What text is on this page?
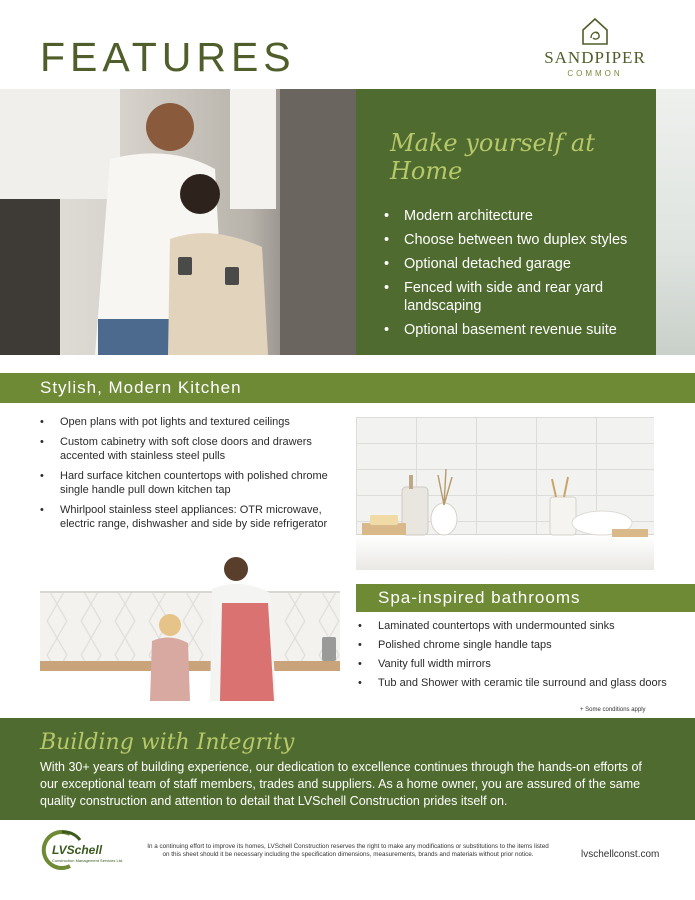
FEATURES	SANDPIPER
COMMON
Make yourself at Home
• Modern architecture
• Choose between two duplex styles
• Optional detached garage
• Fenced with side and rear yard landscaping
• Optional basement revenue suite
Stylish, Modern Kitchen
• Open plans with pot lights and textured ceilings
• Custom cabinetry with soft close doors and drawers accented with stainless steel pulls
• Hard surface kitchen countertops with polished chrome single handle pull down kitchen tap
• Whirlpool stainless steel appliances: OTR microwave, electric range, dishwasher and side by side refrigerator
Spa-inspired bathrooms
• Laminated countertops with undermounted sinks
• Polished chrome single handle taps
• Vanity full width mirrors
• Tub and Shower with ceramic tile surround and glass doors
+ Some conditions apply
Building with Integrity

With 30+ years of building experience, our dedication to excellence continues through the hands-on efforts of our exceptional team of staff members, trades and suppliers. As a home owner, you are assured of the same quality construction and attention to detail that LVSchell Construction prides itself on.

LVSchell
Construction Management Services Ltd.
In a continuing effort to improve its homes, LVSchell Construction reserves the right to make any modifications or substitutions to the items listed on this sheet should it be necessary including the specification dimensions, measurements, brands and materials without prior notice.	lvschellconst.com
